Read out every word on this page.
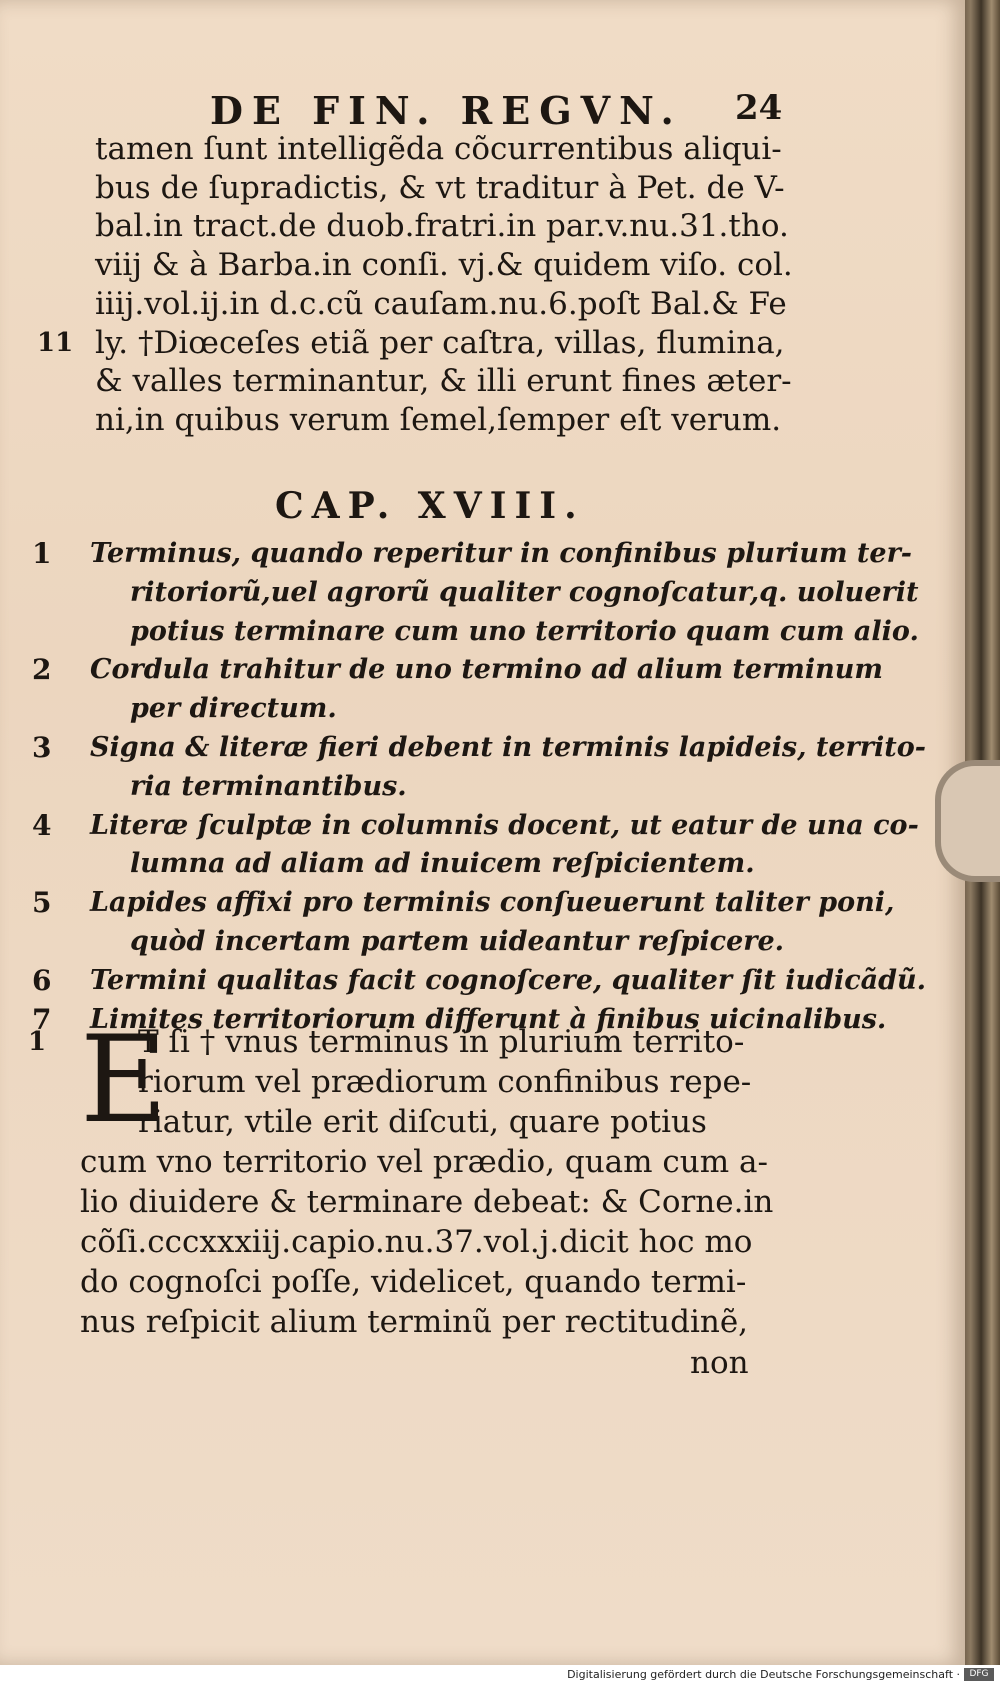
DE FIN. REGVN. 24
tamen ſunt intelligẽda cõcurrentibus aliqui-
bus de ſupradictis, & vt traditur à Pet. de V-
bal.in tract.de duob.fratri.in par.v.nu.31.tho.
viij & à Barba.in conſi. vj.& quidem viſo. col.
iiij.vol.ij.in d.c.cũ cauſam.nu.6.poſt Bal.& Fe
11 ly. †Diœceſes etiã per caſtra, villas, flumina,
& valles terminantur, & illi erunt fines æter-
ni,in quibus verum ſemel,ſemper eſt verum.
CAP. XVIII.
1 Terminus, quando reperitur in confinibus plurium ter-
ritoriorũ,uel agrorũ qualiter cognoſcatur,q. uoluerit
potius terminare cum uno territorio quam cum alio.
2 Cordula trahitur de uno termino ad alium terminum
per directum.
3 Signa & literæ fieri debent in terminis lapideis, territo-
ria terminantibus.
4 Literæ ſculptæ in columnis docent, ut eatur de una co-
lumna ad aliam ad inuicem reſpicientem.
5 Lapides affixi pro terminis conſueuerunt taliter poni,
quòd incertam partem uideantur reſpicere.
6 Termini qualitas facit cognoſcere, qualiter ſit iudicãdũ.
7 Limites territoriorum differunt à finibus uicinalibus.
E
1	T ſi † vnus terminus in plurium territo-
riorum vel prædiorum confinibus repe-
riatur, vtile erit diſcuti, quare potius
cum vno territorio vel prædio, quam cum a-
lio diuidere & terminare debeat: & Corne.in
cõſi.cccxxxiij.capio.nu.37.vol.j.dicit hoc mo
do cognoſci poſſe, videlicet, quando termi-
nus reſpicit alium terminũ per rectitudinẽ,
non
Digitalisierung gefördert durch die Deutsche Forschungsgemeinschaft ·	DFG
